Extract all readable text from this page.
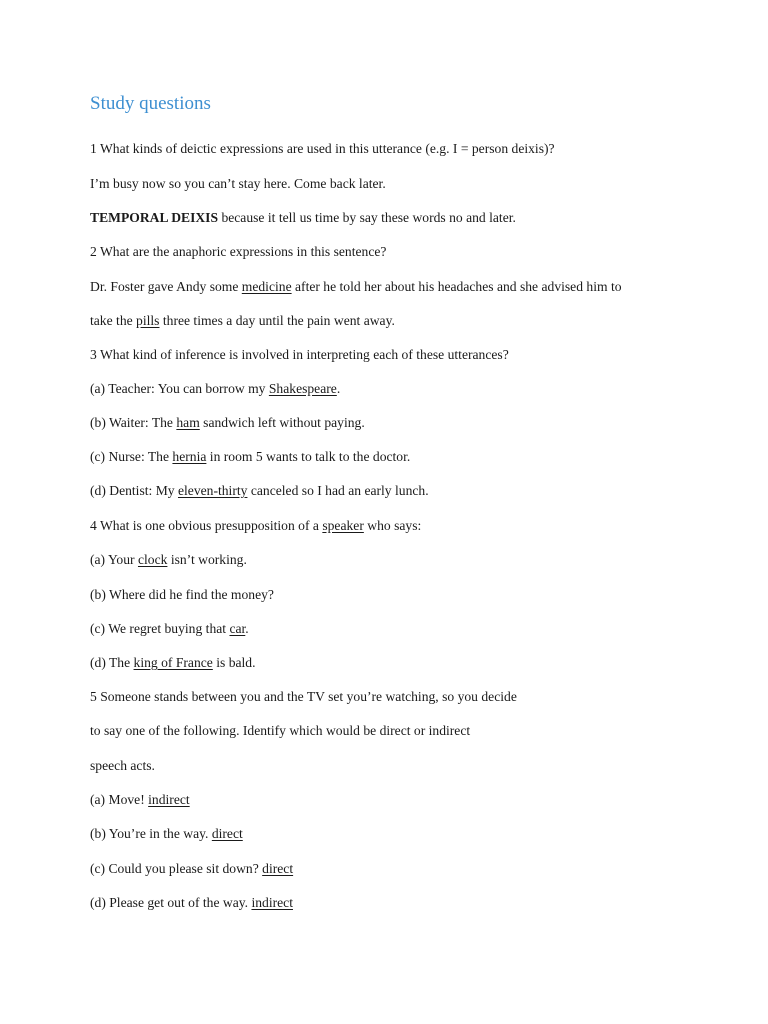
Study questions
1 What kinds of deictic expressions are used in this utterance (e.g. I = person deixis)?
I’m busy now so you can’t stay here. Come back later.
TEMPORAL DEIXIS because it tell us time by say these words no and later.
2 What are the anaphoric expressions in this sentence?
Dr. Foster gave Andy some medicine after he told her about his headaches and she advised him to
take the pills three times a day until the pain went away.
3 What kind of inference is involved in interpreting each of these utterances?
(a) Teacher: You can borrow my Shakespeare.
(b) Waiter: The ham sandwich left without paying.
(c) Nurse: The hernia in room 5 wants to talk to the doctor.
(d) Dentist: My eleven-thirty canceled so I had an early lunch.
4 What is one obvious presupposition of a speaker who says:
(a) Your clock isn’t working.
(b) Where did he find the money?
(c) We regret buying that car.
(d) The king of France is bald.
5 Someone stands between you and the TV set you’re watching, so you decide
to say one of the following. Identify which would be direct or indirect
speech acts.
(a) Move! indirect
(b) You’re in the way. direct
(c) Could you please sit down? direct
(d) Please get out of the way. indirect
